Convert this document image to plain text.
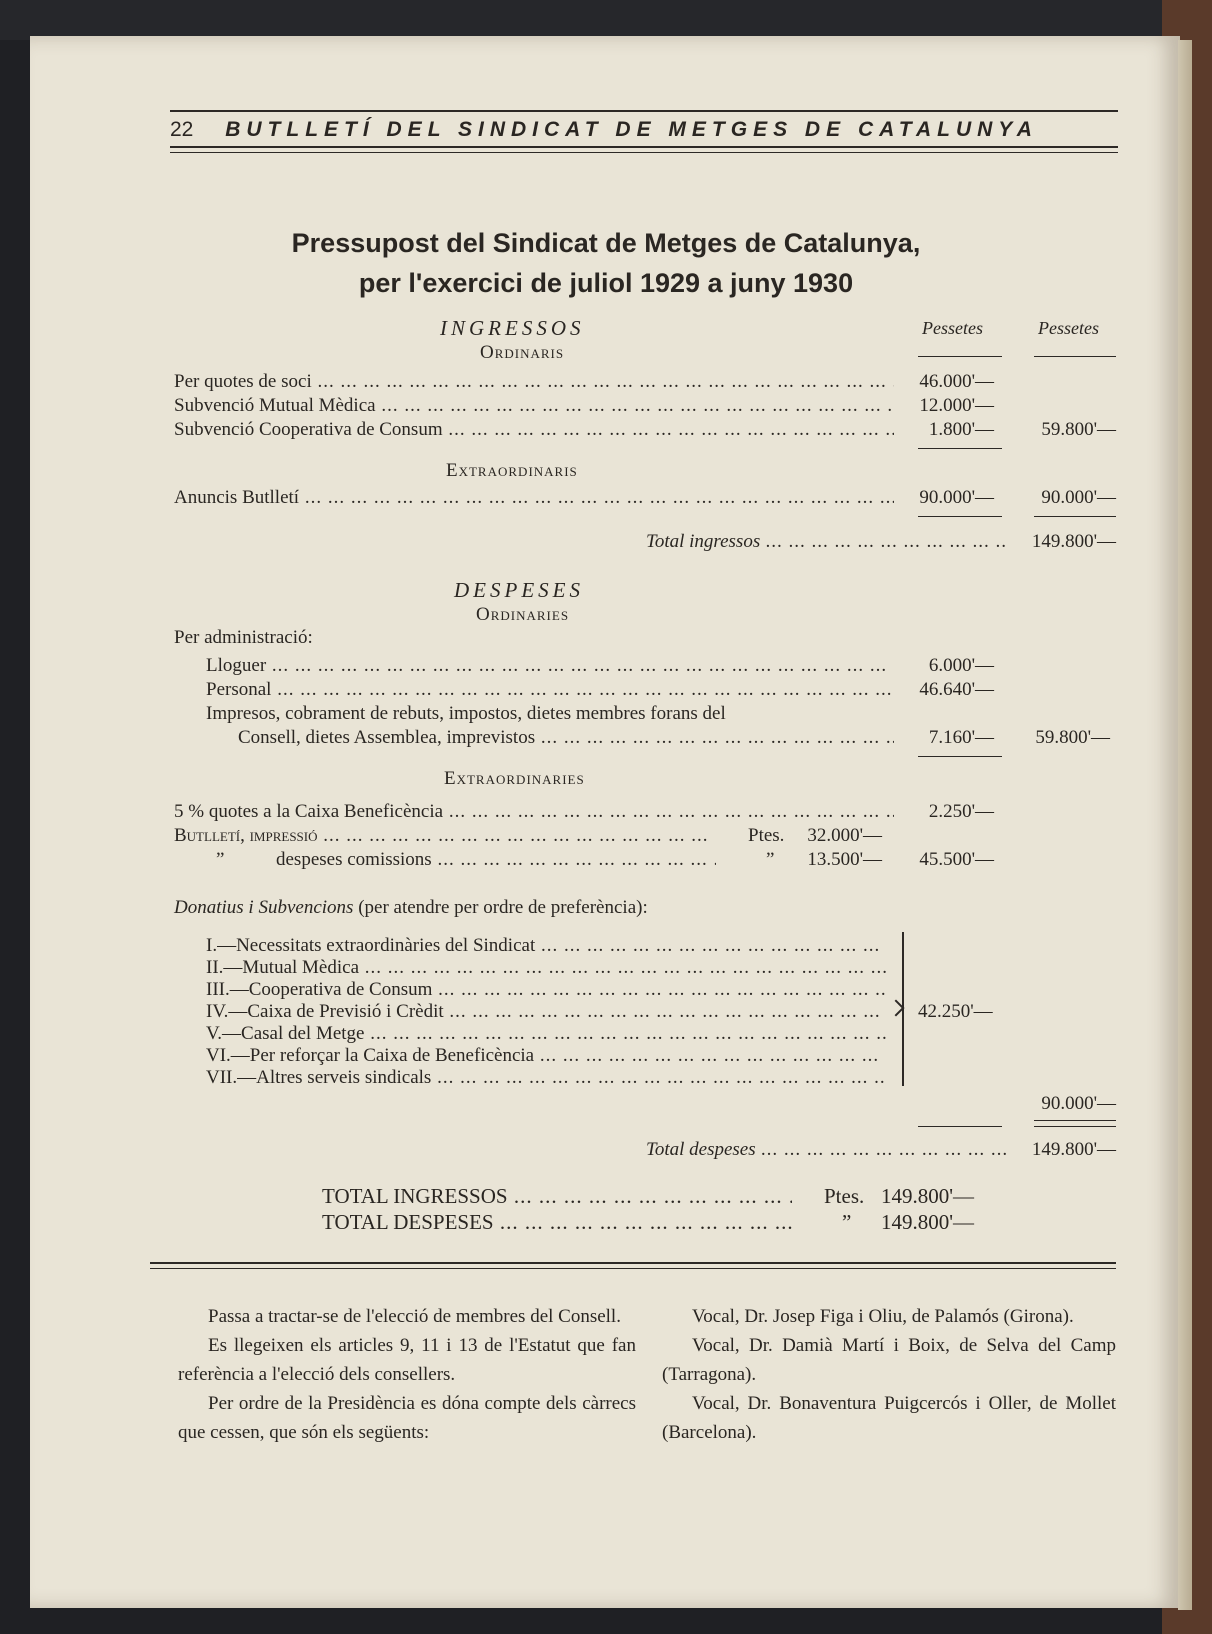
22 BUTLLETÍ DEL SINDICAT DE METGES DE CATALUNYA
Pressupost del Sindicat de Metges de Catalunya,
per l'exercici de juliol 1929 a juny 1930
INGRESSOS	Pessetes	Pessetes
Ordinaris
Per quotes de soci ... .	46.000'—
Subvenció Mutual Mèdica ... .	12.000'—
Subvenció Cooperativa de Consum ... .	1.800'—	59.800'—
Extraordinaris
Anuncis Butlletí ... .	90.000'—	90.000'—
Total ingressos ... .	149.800'—
DESPESES
Ordinaries
Per administració:
Lloguer ... .	6.000'—
Personal ... .	46.640'—
Impresos, cobrament de rebuts, impostos, dietes membres forans del
Consell, dietes Assemblea, imprevistos ... .	7.160'—	59.800'—
Extraordinaries
5 % quotes a la Caixa Beneficència ... .	2.250'—
Butlletí, impressió ... .	Ptes.	32.000'—
”	despeses comissions ... .	”	13.500'—	45.500'—
Donatius i Subvencions (per atendre per ordre de preferència):
I.—Necessitats extraordinàries del Sindicat ... .
II.—Mutual Mèdica ... .
III.—Cooperativa de Consum ... .
IV.—Caixa de Previsió i Crèdit ... .
V.—Casal del Metge ... .
VI.—Per reforçar la Caixa de Beneficència ... .
VII.—Altres serveis sindicals ... .
42.250'—
90.000'—
Total despeses ... .	149.800'—
TOTAL INGRESSOS ... .	Ptes. 149.800'—
TOTAL DESPESES ... .	”	149.800'—

Passa a tractar-se de l'elecció de membres del Consell.

Es llegeixen els articles 9, 11 i 13 de l'Estatut que fan referència a l'elecció dels consellers.

Per ordre de la Presidència es dóna compte dels càrrecs que cessen, que són els següents:

Vocal, Dr. Josep Figa i Oliu, de Palamós (Girona).

Vocal, Dr. Damià Martí i Boix, de Selva del Camp (Tarragona).

Vocal, Dr. Bonaventura Puigcercós i Oller, de Mollet (Barcelona).
